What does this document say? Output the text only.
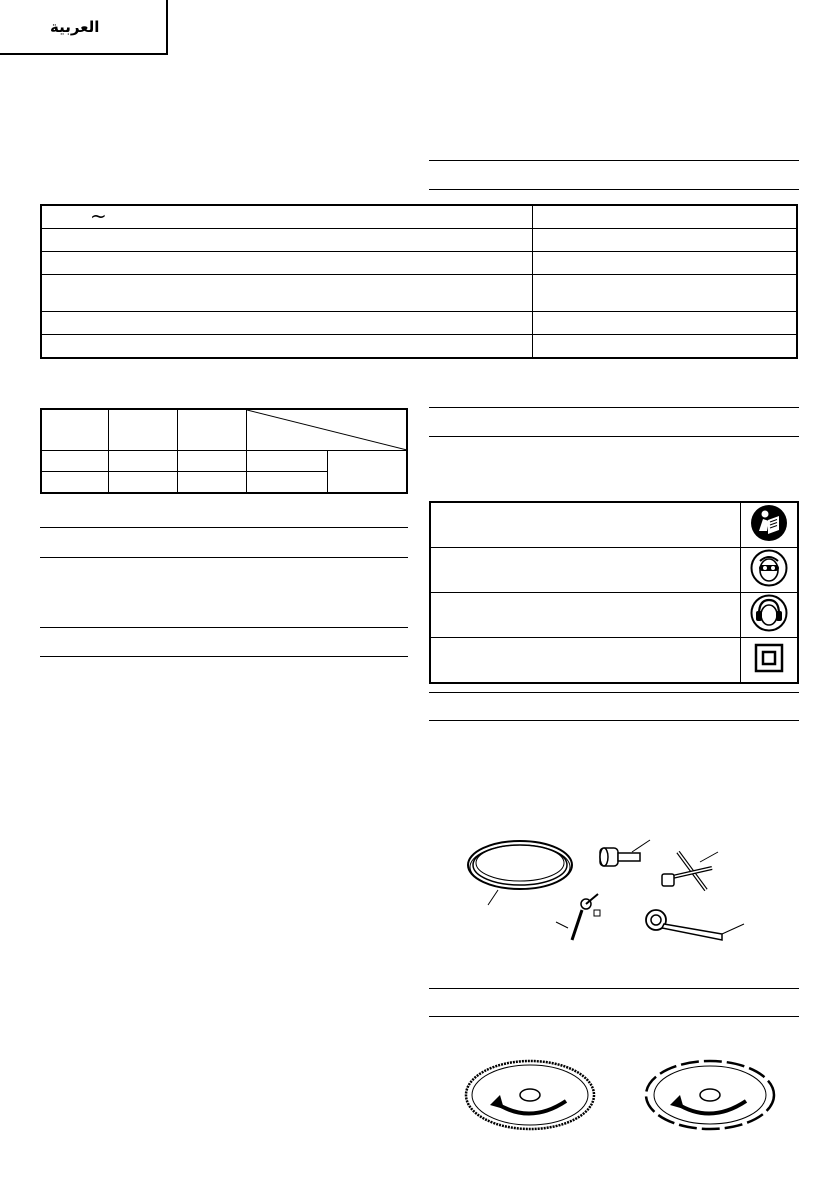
العربية
~	
